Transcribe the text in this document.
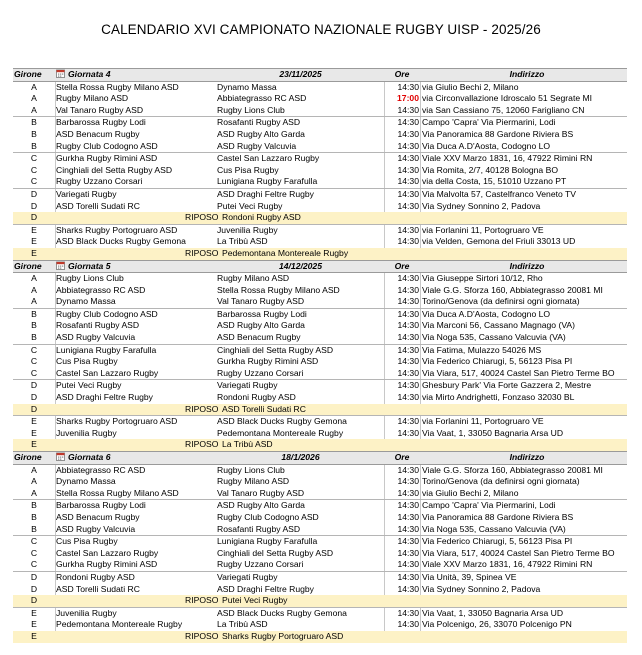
CALENDARIO XVI CAMPIONATO NAZIONALE RUGBY UISP - 2025/26
Girone	Ore	Indirizzo
Giornata 4	23/11/2025
A	Stella Rossa Rugby Milano ASD	Dynamo Massa	14:30 via Giulio Bechi 2, Milano
A	Rugby Milano ASD	Abbiategrasso RC ASD	17:00 via Circonvallazione Idroscalo 51 Segrate MI
A	Val Tanaro Rugby ASD	Rugby Lions Club	14:30 via San Cassiano 75, 12060 Farigliano CN
B	Barbarossa Rugby Lodi	Rosafanti Rugby ASD	14:30 Campo 'Capra' Via Piermarini, Lodi
B	ASD Benacum Rugby	ASD Rugby Alto Garda	14:30 Via Panoramica 88 Gardone Riviera BS
B	Rugby Club Codogno ASD	ASD Rugby Valcuvia	14:30 Via Duca A.D'Aosta, Codogno LO
C	Gurkha Rugby Rimini ASD	Castel San Lazzaro Rugby	14:30 Viale XXV Marzo 1831, 16, 47922 Rimini RN
C	Cinghiali del Setta Rugby ASD	Cus Pisa Rugby	14:30 Via Romita, 2/7, 40128 Bologna BO
C	Rugby Uzzano Corsari	Lunigiana Rugby Farafulla	14:30 via della Costa, 15, 51010 Uzzano PT
D	Variegati Rugby	ASD Draghi Feltre Rugby	14:30 Via Malvolta 57, Castelfranco Veneto TV
D	ASD Torelli Sudati RC	Putei Veci Rugby	14:30 Via Sydney Sonnino 2, Padova
D	RIPOSO Rondoni Rugby ASD
E	Sharks Rugby Portogruaro ASD	Juvenilia Rugby	14:30 via Forlanini 11, Portogruaro VE
E	ASD Black Ducks Rugby Gemona	La Tribù ASD	14:30 via Velden, Gemona del Friuli 33013 UD
E	RIPOSO Pedemontana Montereale Rugby
Girone	Ore	Indirizzo
Giornata 5	14/12/2025
A	Rugby Lions Club	Rugby Milano ASD	14:30 Via Giuseppe Sirtori 10/12, Rho
A	Abbiategrasso RC ASD	Stella Rossa Rugby Milano ASD	14:30 Viale G.G. Sforza 160, Abbiategrasso 20081 MI
A	Dynamo Massa	Val Tanaro Rugby ASD	14:30 Torino/Genova (da definirsi ogni giornata)
B	Rugby Club Codogno ASD	Barbarossa Rugby Lodi	14:30 Via Duca A.D'Aosta, Codogno LO
B	Rosafanti Rugby ASD	ASD Rugby Alto Garda	14:30 Via Marconi 56, Cassano Magnago (VA)
B	ASD Rugby Valcuvia	ASD Benacum Rugby	14:30 Via Noga 535, Cassano Valcuvia (VA)
C	Lunigiana Rugby Farafulla	Cinghiali del Setta Rugby ASD	14:30 Via Fatima, Mulazzo 54026 MS
C	Cus Pisa Rugby	Gurkha Rugby Rimini ASD	14:30 Via Federico Chiarugi, 5, 56123 Pisa PI
C	Castel San Lazzaro Rugby	Rugby Uzzano Corsari	14:30 Via Viara, 517, 40024 Castel San Pietro Terme BO
D	Putei Veci Rugby	Variegati Rugby	14:30 Ghesbury Park' Via Forte Gazzera 2, Mestre
D	ASD Draghi Feltre Rugby	Rondoni Rugby ASD	14:30 via Mirto Andrighetti, Fonzaso 32030 BL
D	RIPOSO ASD Torelli Sudati RC
E	Sharks Rugby Portogruaro ASD	ASD Black Ducks Rugby Gemona	14:30 via Forlanini 11, Portogruaro VE
E	Juvenilia Rugby	Pedemontana Montereale Rugby	14:30 Via Vaat, 1, 33050 Bagnaria Arsa UD
E	RIPOSO La Tribù ASD
Girone	Ore	Indirizzo
Giornata 6	18/1/2026
A	Abbiategrasso RC ASD	Rugby Lions Club	14:30 Viale G.G. Sforza 160, Abbiategrasso 20081 MI
A	Dynamo Massa	Rugby Milano ASD	14:30 Torino/Genova (da definirsi ogni giornata)
A	Stella Rossa Rugby Milano ASD	Val Tanaro Rugby ASD	14:30 via Giulio Bechi 2, Milano
B	Barbarossa Rugby Lodi	ASD Rugby Alto Garda	14:30 Campo 'Capra' Via Piermarini, Lodi
B	ASD Benacum Rugby	Rugby Club Codogno ASD	14:30 Via Panoramica 88 Gardone Riviera BS
B	ASD Rugby Valcuvia	Rosafanti Rugby ASD	14:30 Via Noga 535, Cassano Valcuvia (VA)
C	Cus Pisa Rugby	Lunigiana Rugby Farafulla	14:30 Via Federico Chiarugi, 5, 56123 Pisa PI
C	Castel San Lazzaro Rugby	Cinghiali del Setta Rugby ASD	14:30 Via Viara, 517, 40024 Castel San Pietro Terme BO
C	Gurkha Rugby Rimini ASD	Rugby Uzzano Corsari	14:30 Viale XXV Marzo 1831, 16, 47922 Rimini RN
D	Rondoni Rugby ASD	Variegati Rugby	14:30 Via Unità, 39, Spinea VE
D	ASD Torelli Sudati RC	ASD Draghi Feltre Rugby	14:30 Via Sydney Sonnino 2, Padova
D	RIPOSO Putei Veci Rugby
E	Juvenilia Rugby	ASD Black Ducks Rugby Gemona	14:30 Via Vaat, 1, 33050 Bagnaria Arsa UD
E	Pedemontana Montereale Rugby	La Tribù ASD	14:30 Via Polcenigo, 26, 33070 Polcenigo PN
E	RIPOSO Sharks Rugby Portogruaro ASD
